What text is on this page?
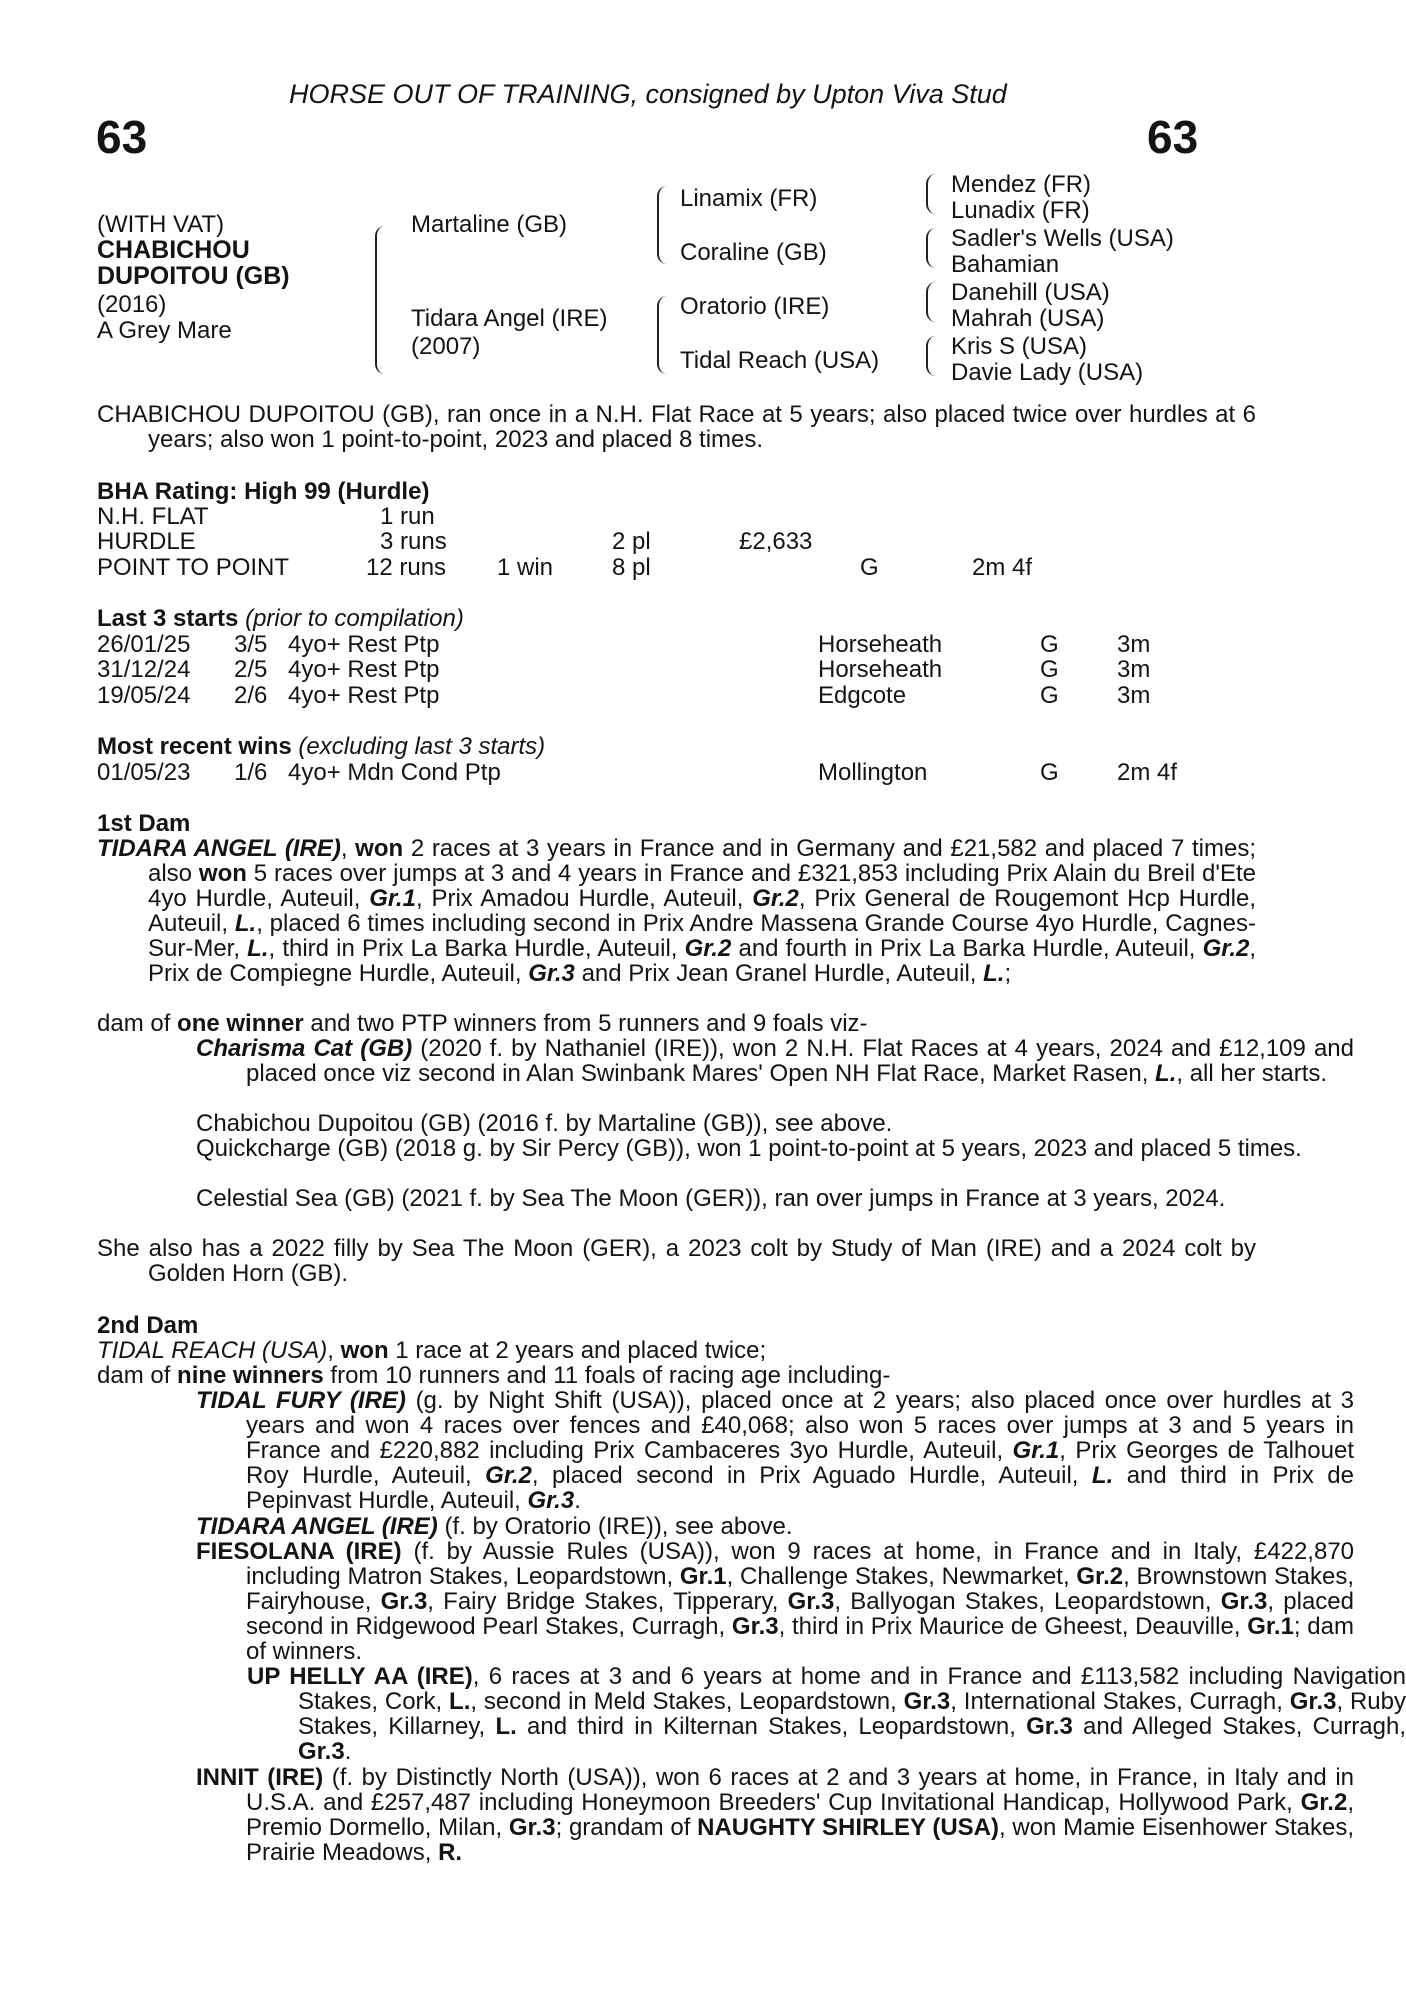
HORSE OUT OF TRAINING, consigned by Upton Viva Stud
63	63
(WITH VAT)
CHABICHOU
DUPOITOU (GB)
(2016)
A Grey Mare
Martaline (GB)
Tidara Angel (IRE)
(2007)
Linamix (FR)
Coraline (GB)
Oratorio (IRE)
Tidal Reach (USA)
Mendez (FR)
Lunadix (FR)
Sadler's Wells (USA)
Bahamian
Danehill (USA)
Mahrah (USA)
Kris S (USA)
Davie Lady (USA)
CHABICHOU DUPOITOU (GB), ran once in a N.H. Flat Race at 5 years; also placed twice over hurdles at 6 years; also won 1 point-to-point, 2023 and placed 8 times.
BHA Rating: High 99 (Hurdle)
N.H. FLAT	1 run
HURDLE	3 runs	2 pl	£2,633
POINT TO POINT	12 runs 1 win 8 pl	G	2m 4f
Last 3 starts (prior to compilation)
26/01/25 3/5 4yo+ Rest Ptp	Horseheath	G 3m
31/12/24 2/5 4yo+ Rest Ptp	Horseheath	G 3m
19/05/24 2/6 4yo+ Rest Ptp	Edgcote	G 3m
Most recent wins (excluding last 3 starts)
01/05/23 1/6 4yo+ Mdn Cond Ptp	Mollington	G 2m 4f
1st Dam
TIDARA ANGEL (IRE), won 2 races at 3 years in France and in Germany and £21,582 and placed 7 times; also won 5 races over jumps at 3 and 4 years in France and £321,853 including Prix Alain du Breil d'Ete 4yo Hurdle, Auteuil, Gr.1, Prix Amadou Hurdle, Auteuil, Gr.2, Prix General de Rougemont Hcp Hurdle, Auteuil, L., placed 6 times including second in Prix Andre Massena Grande Course 4yo Hurdle, Cagnes-Sur-Mer, L., third in Prix La Barka Hurdle, Auteuil, Gr.2 and fourth in Prix La Barka Hurdle, Auteuil, Gr.2, Prix de Compiegne Hurdle, Auteuil, Gr.3 and Prix Jean Granel Hurdle, Auteuil, L.;
dam of one winner and two PTP winners from 5 runners and 9 foals viz-
Charisma Cat (GB) (2020 f. by Nathaniel (IRE)), won 2 N.H. Flat Races at 4 years, 2024 and £12,109 and placed once viz second in Alan Swinbank Mares' Open NH Flat Race, Market Rasen, L., all her starts.
Chabichou Dupoitou (GB) (2016 f. by Martaline (GB)), see above.
Quickcharge (GB) (2018 g. by Sir Percy (GB)), won 1 point-to-point at 5 years, 2023 and placed 5 times.
Celestial Sea (GB) (2021 f. by Sea The Moon (GER)), ran over jumps in France at 3 years, 2024.
She also has a 2022 filly by Sea The Moon (GER), a 2023 colt by Study of Man (IRE) and a 2024 colt by Golden Horn (GB).
2nd Dam
TIDAL REACH (USA), won 1 race at 2 years and placed twice;
dam of nine winners from 10 runners and 11 foals of racing age including-
TIDAL FURY (IRE) (g. by Night Shift (USA)), placed once at 2 years; also placed once over hurdles at 3 years and won 4 races over fences and £40,068; also won 5 races over jumps at 3 and 5 years in France and £220,882 including Prix Cambaceres 3yo Hurdle, Auteuil, Gr.1, Prix Georges de Talhouet Roy Hurdle, Auteuil, Gr.2, placed second in Prix Aguado Hurdle, Auteuil, L. and third in Prix de Pepinvast Hurdle, Auteuil, Gr.3.
TIDARA ANGEL (IRE) (f. by Oratorio (IRE)), see above.
FIESOLANA (IRE) (f. by Aussie Rules (USA)), won 9 races at home, in France and in Italy, £422,870 including Matron Stakes, Leopardstown, Gr.1, Challenge Stakes, Newmarket, Gr.2, Brownstown Stakes, Fairyhouse, Gr.3, Fairy Bridge Stakes, Tipperary, Gr.3, Ballyogan Stakes, Leopardstown, Gr.3, placed second in Ridgewood Pearl Stakes, Curragh, Gr.3, third in Prix Maurice de Gheest, Deauville, Gr.1; dam of winners.
UP HELLY AA (IRE), 6 races at 3 and 6 years at home and in France and £113,582 including Navigation Stakes, Cork, L., second in Meld Stakes, Leopardstown, Gr.3, International Stakes, Curragh, Gr.3, Ruby Stakes, Killarney, L. and third in Kilternan Stakes, Leopardstown, Gr.3 and Alleged Stakes, Curragh, Gr.3.
INNIT (IRE) (f. by Distinctly North (USA)), won 6 races at 2 and 3 years at home, in France, in Italy and in U.S.A. and £257,487 including Honeymoon Breeders' Cup Invitational Handicap, Hollywood Park, Gr.2, Premio Dormello, Milan, Gr.3; grandam of NAUGHTY SHIRLEY (USA), won Mamie Eisenhower Stakes, Prairie Meadows, R.
